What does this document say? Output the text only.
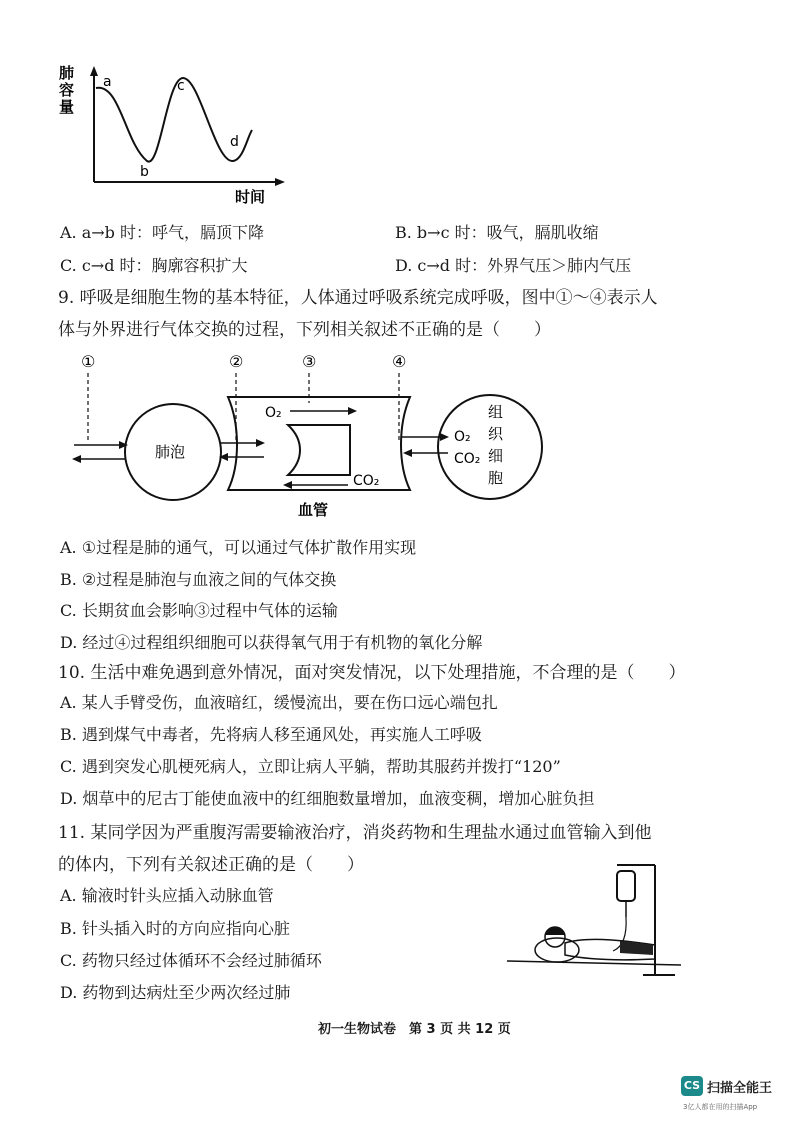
肺
容
量
a
b
c
d
时间
A. a→b 时：呼气，膈顶下降	B. b→c 时：吸气，膈肌收缩
C. c→d 时：胸廓容积扩大	D. c→d 时：外界气压＞肺内气压
9. 呼吸是细胞生物的基本特征，人体通过呼吸系统完成呼吸，图中①～④表示人
体与外界进行气体交换的过程，下列相关叙述不正确的是（　　）
①	②	③	④
肺泡
O₂
CO₂
血管
O₂
CO₂
组
织
细
胞
A. ①过程是肺的通气，可以通过气体扩散作用实现
B. ②过程是肺泡与血液之间的气体交换
C. 长期贫血会影响③过程中气体的运输
D. 经过④过程组织细胞可以获得氧气用于有机物的氧化分解
10. 生活中难免遇到意外情况，面对突发情况，以下处理措施，不合理的是（　　）
A. 某人手臂受伤，血液暗红，缓慢流出，要在伤口远心端包扎
B. 遇到煤气中毒者，先将病人移至通风处，再实施人工呼吸
C. 遇到突发心肌梗死病人，立即让病人平躺，帮助其服药并拨打“120”
D. 烟草中的尼古丁能使血液中的红细胞数量增加，血液变稠，增加心脏负担
11. 某同学因为严重腹泻需要输液治疗，消炎药物和生理盐水通过血管输入到他
的体内，下列有关叙述正确的是（　　）
A. 输液时针头应插入动脉血管
B. 针头插入时的方向应指向心脏
C. 药物只经过体循环不会经过肺循环
D. 药物到达病灶至少两次经过肺
初一生物试卷　第 3 页 共 12 页
CS 扫描全能王
3亿人都在用的扫描App
